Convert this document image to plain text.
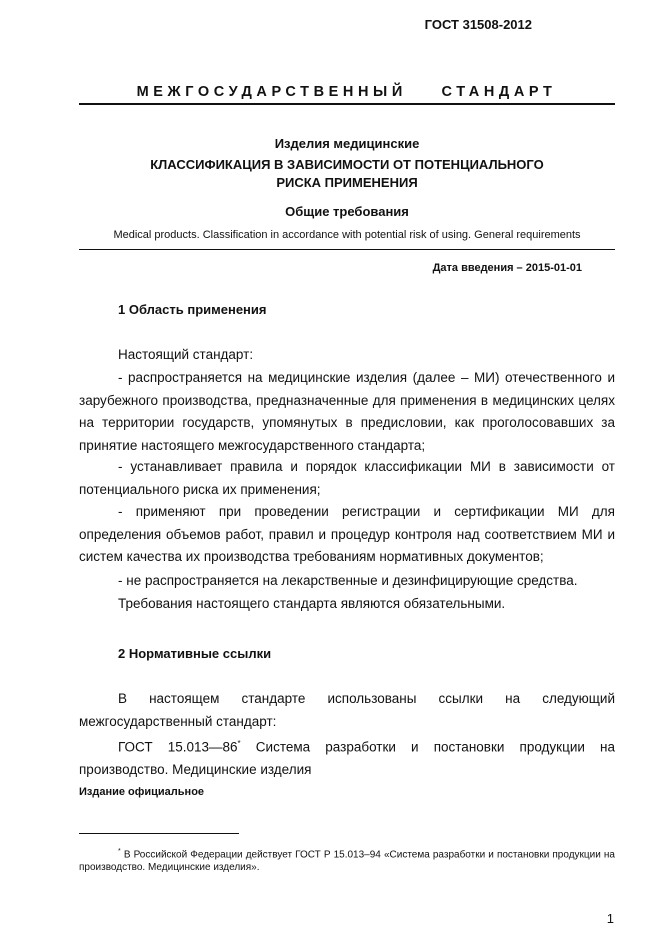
ГОСТ 31508-2012
МЕЖГОСУДАРСТВЕННЫЙ СТАНДАРТ
Изделия медицинские
КЛАССИФИКАЦИЯ В ЗАВИСИМОСТИ ОТ ПОТЕНЦИАЛЬНОГО
РИСКА ПРИМЕНЕНИЯ
Общие требования
Medical products. Classification in accordance with potential risk of using. General requirements
Дата введения – 2015-01-01
1 Область применения
Настоящий стандарт:
- распространяется на медицинские изделия (далее – МИ) отечественного и зарубежного производства, предназначенные для применения в медицинских целях на территории государств, упомянутых в предисловии, как проголосовавших за принятие настоящего межгосударственного стандарта;
- устанавливает правила и порядок классификации МИ в зависимости от потенциального риска их применения;
- применяют при проведении регистрации и сертификации МИ для определения объемов работ, правил и процедур контроля над соответствием МИ и систем качества их производства требованиям нормативных документов;
- не распространяется на лекарственные и дезинфицирующие средства.
Требования настоящего стандарта являются обязательными.
2 Нормативные ссылки
В настоящем стандарте использованы ссылки на следующий межгосударственный стандарт:
ГОСТ 15.013—86* Система разработки и постановки продукции на производство. Медицинские изделия
Издание официальное
* В Российской Федерации действует ГОСТ Р 15.013–94 «Система разработки и постановки продукции на производство. Медицинские изделия».
1
